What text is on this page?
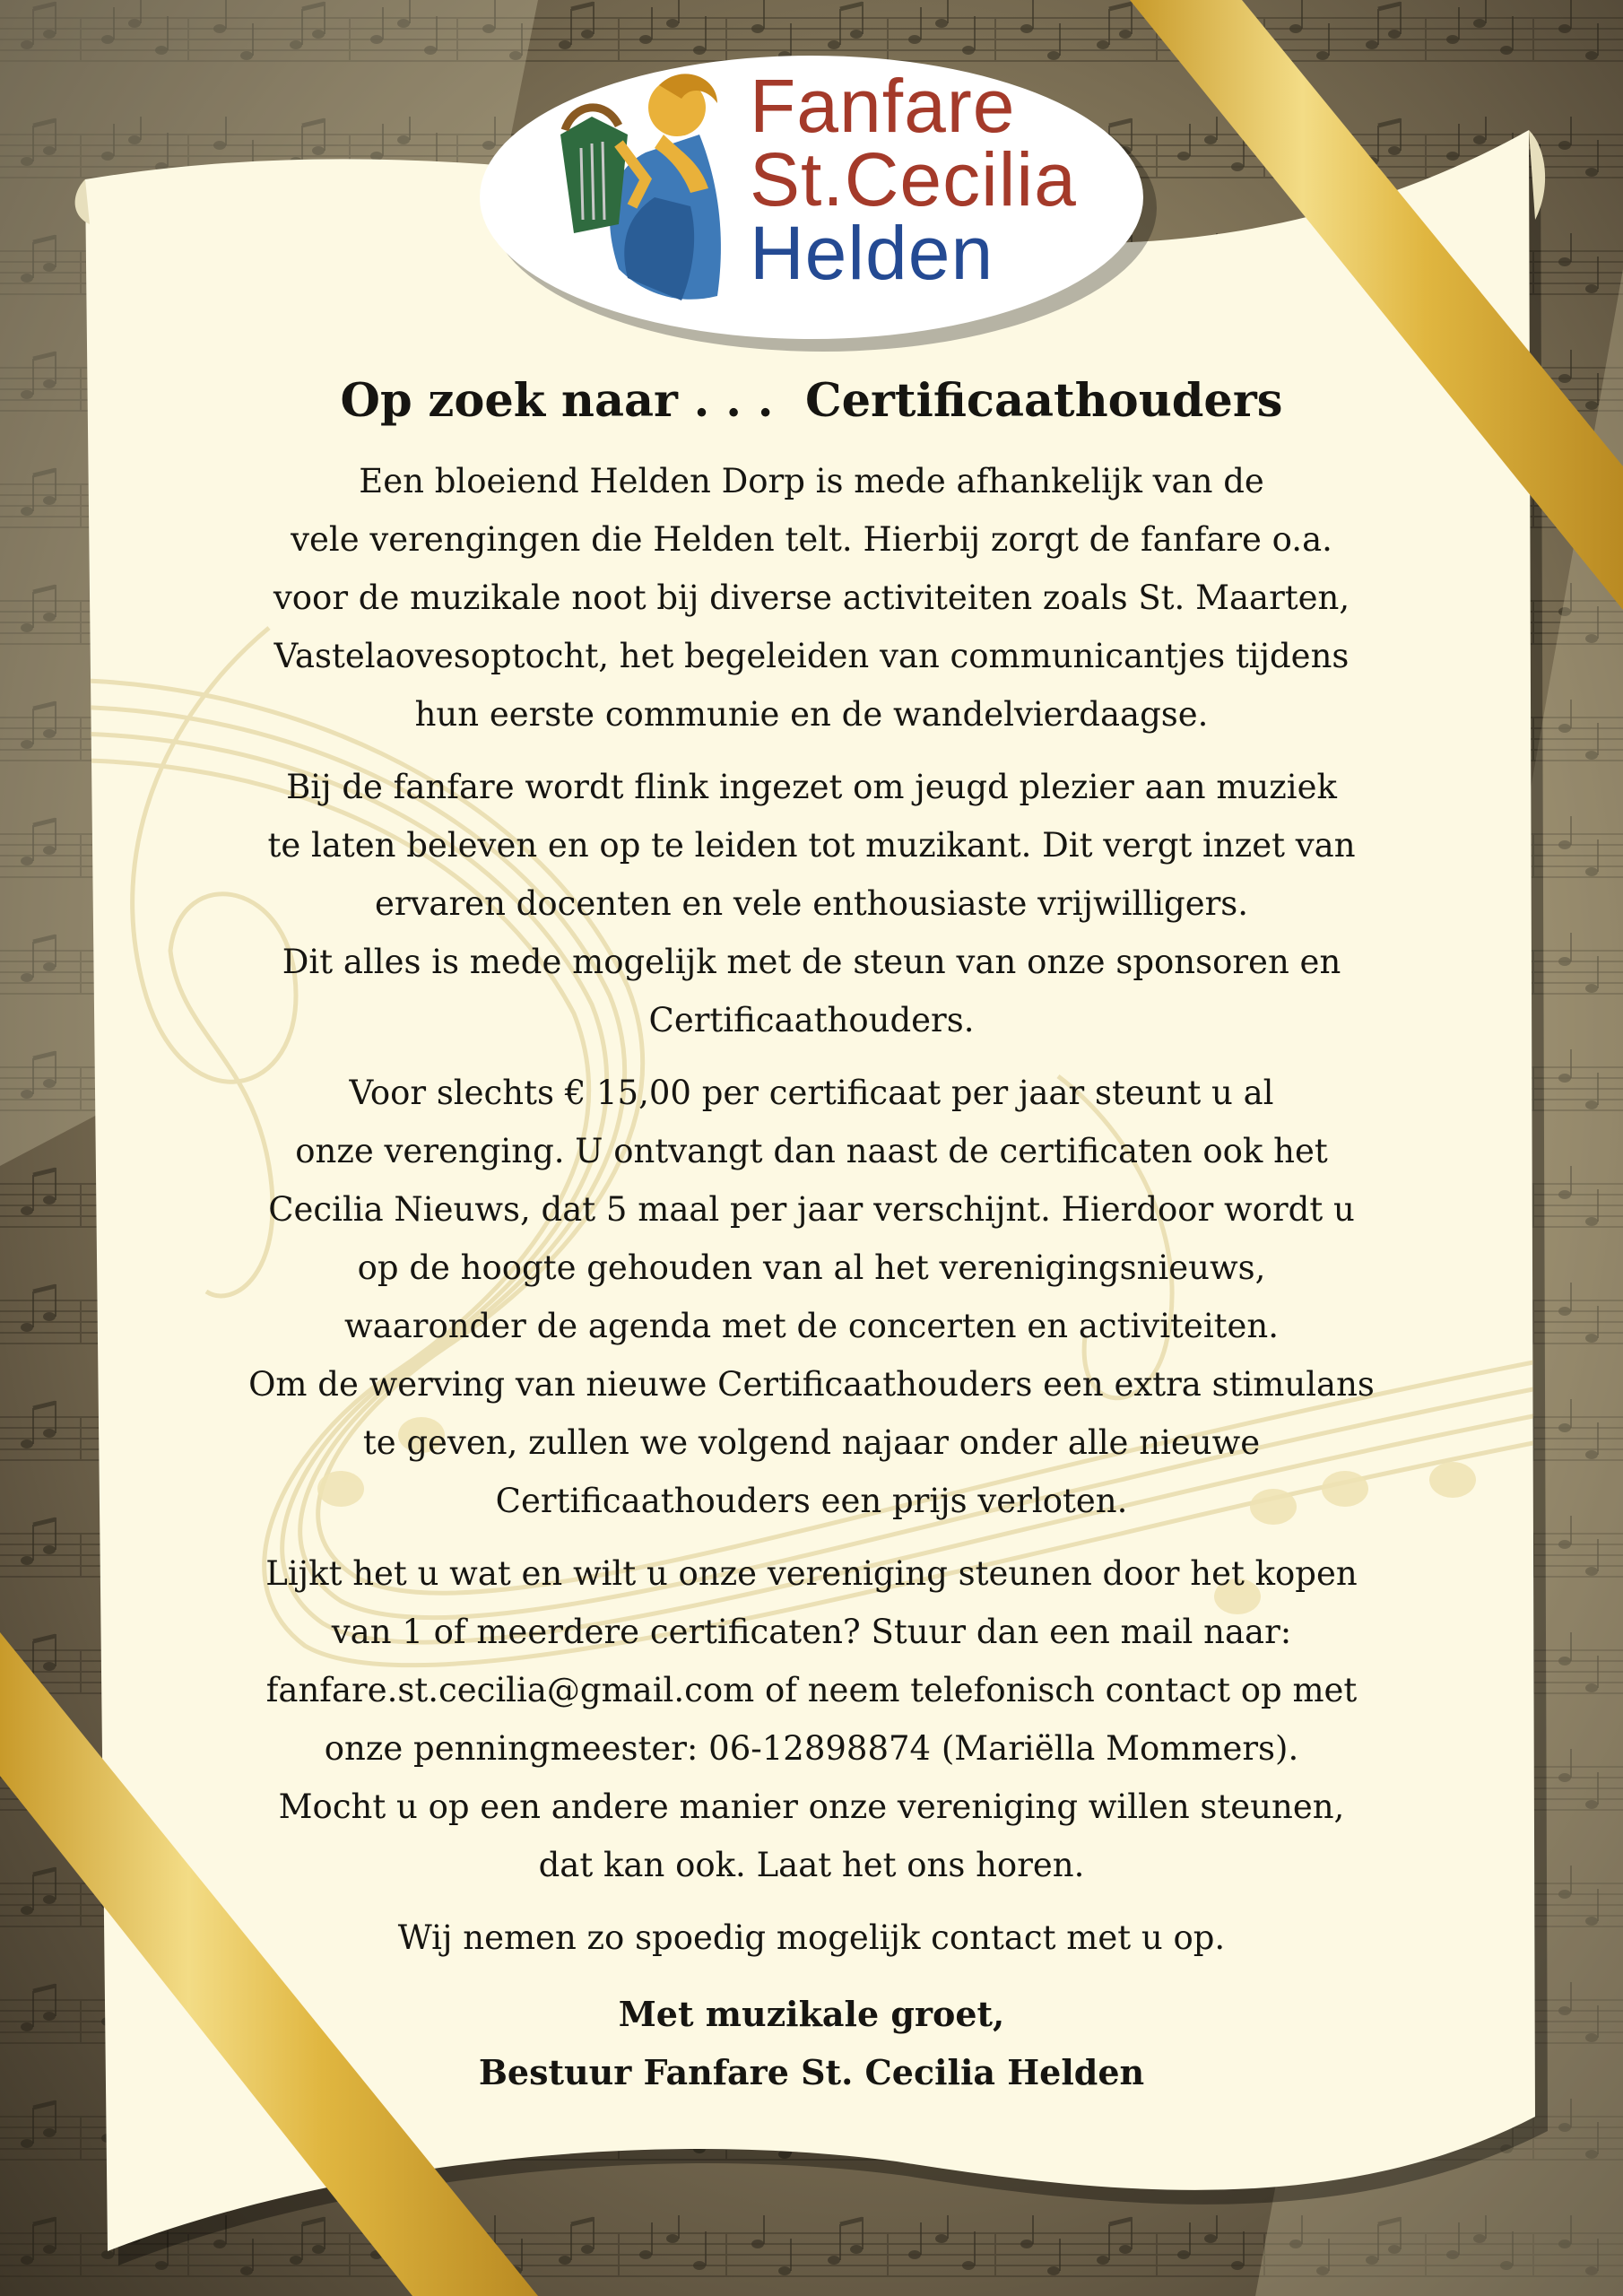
Fanfare
St.Cecilia
Helden
Op zoek naar . . .  Certificaathouders
Een bloeiend Helden Dorp is mede afhankelijk van de
vele verengingen die Helden telt. Hierbij zorgt de fanfare o.a.
voor de muzikale noot bij diverse activiteiten zoals St. Maarten,
Vastelaovesoptocht, het begeleiden van communicantjes tijdens
hun eerste communie en de wandelvierdaagse.
Bij de fanfare wordt flink ingezet om jeugd plezier aan muziek
te laten beleven en op te leiden tot muzikant. Dit vergt inzet van
ervaren docenten en vele enthousiaste vrijwilligers.
Dit alles is mede mogelijk met de steun van onze sponsoren en
Certificaathouders.
Voor slechts € 15,00 per certificaat per jaar steunt u al
onze verenging. U ontvangt dan naast de certificaten ook het
Cecilia Nieuws, dat 5 maal per jaar verschijnt. Hierdoor wordt u
op de hoogte gehouden van al het verenigingsnieuws,
waaronder de agenda met de concerten en activiteiten.
Om de werving van nieuwe Certificaathouders een extra stimulans
te geven, zullen we volgend najaar onder alle nieuwe
Certificaathouders een prijs verloten.
Lijkt het u wat en wilt u onze vereniging steunen door het kopen
van 1 of meerdere certificaten? Stuur dan een mail naar:
fanfare.st.cecilia@gmail.com of neem telefonisch contact op met
onze penningmeester: 06-12898874 (Mariëlla Mommers).
Mocht u op een andere manier onze vereniging willen steunen,
dat kan ook. Laat het ons horen.
Wij nemen zo spoedig mogelijk contact met u op.
Met muzikale groet,
Bestuur Fanfare St. Cecilia Helden
